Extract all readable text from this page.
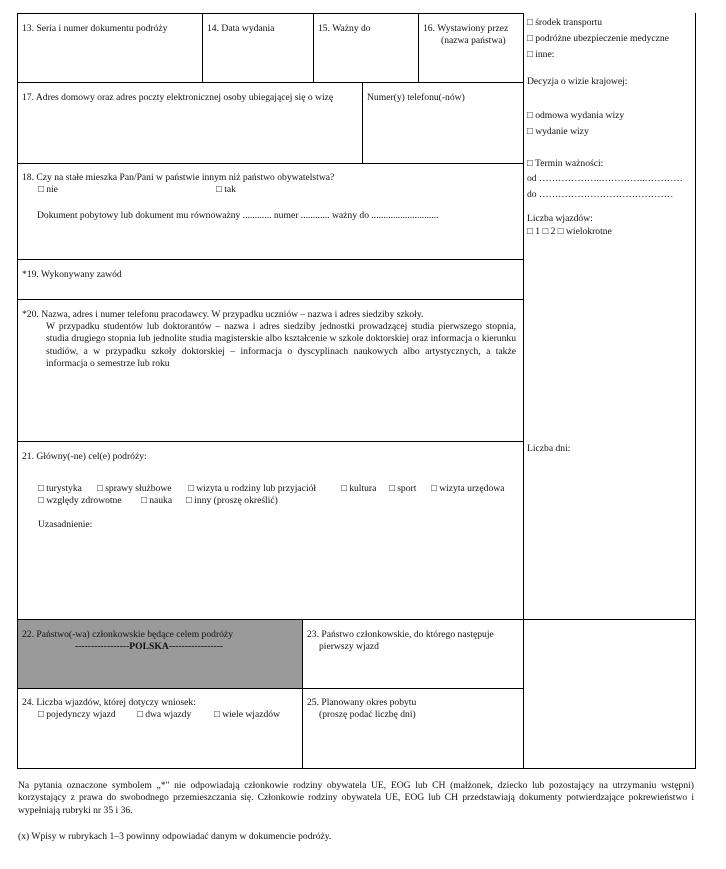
13. Seria i numer dokumentu podróży	14. Data wydania	15. Ważny do	16. Wystawiony przez
(nazwa państwa)
17. Adres domowy oraz adres poczty elektronicznej osoby ubiegającej się o wizę	Numer(y) telefonu(-nów)
18. Czy na stałe mieszka Pan/Pani w państwie innym niż państwo obywatelstwa?
□ nie	□ tak
Dokument pobytowy lub dokument mu równoważny ............ numer ............ ważny do ............................
*19. Wykonywany zawód
*20. Nazwa, adres i numer telefonu pracodawcy. W przypadku uczniów – nazwa i adres siedziby szkoły.
W przypadku studentów lub doktorantów – nazwa i adres siedziby jednostki prowadzącej studia pierwszego stopnia, studia drugiego stopnia lub jednolite studia magisterskie albo kształcenie w szkole doktorskiej oraz informacja o kierunku studiów, a w przypadku szkoły doktorskiej – informacja o dyscyplinach naukowych albo artystycznych, a także informacja o semestrze lub roku
21. Główny(-ne) cel(e) podróży:
□ turystyka □ sprawy służbowe □ wizyta u rodziny lub przyjaciół	□ kultura □ sport □ wizyta urzędowa
□ względy zdrowotne □ nauka □ inny (proszę określić)
Uzasadnienie:
22. Państwo(-wa) członkowskie będące celem podróży
-----------------POLSKA-----------------
23. Państwo członkowskie, do którego następuje
pierwszy wjazd
24. Liczba wjazdów, której dotyczy wniosek:
□ pojedynczy wjazd □ dwa wjazdy □ wiele wjazdów
25. Planowany okres pobytu
(proszę podać liczbę dni)
□ środek transportu
□ podróżne ubezpieczenie medyczne
□ inne:
Decyzja o wizie krajowej:
□ odmowa wydania wizy
□ wydanie wizy
□ Termin ważności:
od ………………..…………..…………
do ……………………………………
Liczba wjazdów:
□ 1 □ 2 □ wielokrotne
Liczba dni:
Na pytania oznaczone symbolem „*" nie odpowiadają członkowie rodziny obywatela UE, EOG lub CH (małżonek, dziecko lub pozostający na utrzymaniu wstępni) korzystający z prawa do swobodnego przemieszczania się. Członkowie rodziny obywatela UE, EOG lub CH przedstawiają dokumenty potwierdzające pokrewieństwo i wypełniają rubryki nr 35 i 36.
(x) Wpisy w rubrykach 1–3 powinny odpowiadać danym w dokumencie podróży.
